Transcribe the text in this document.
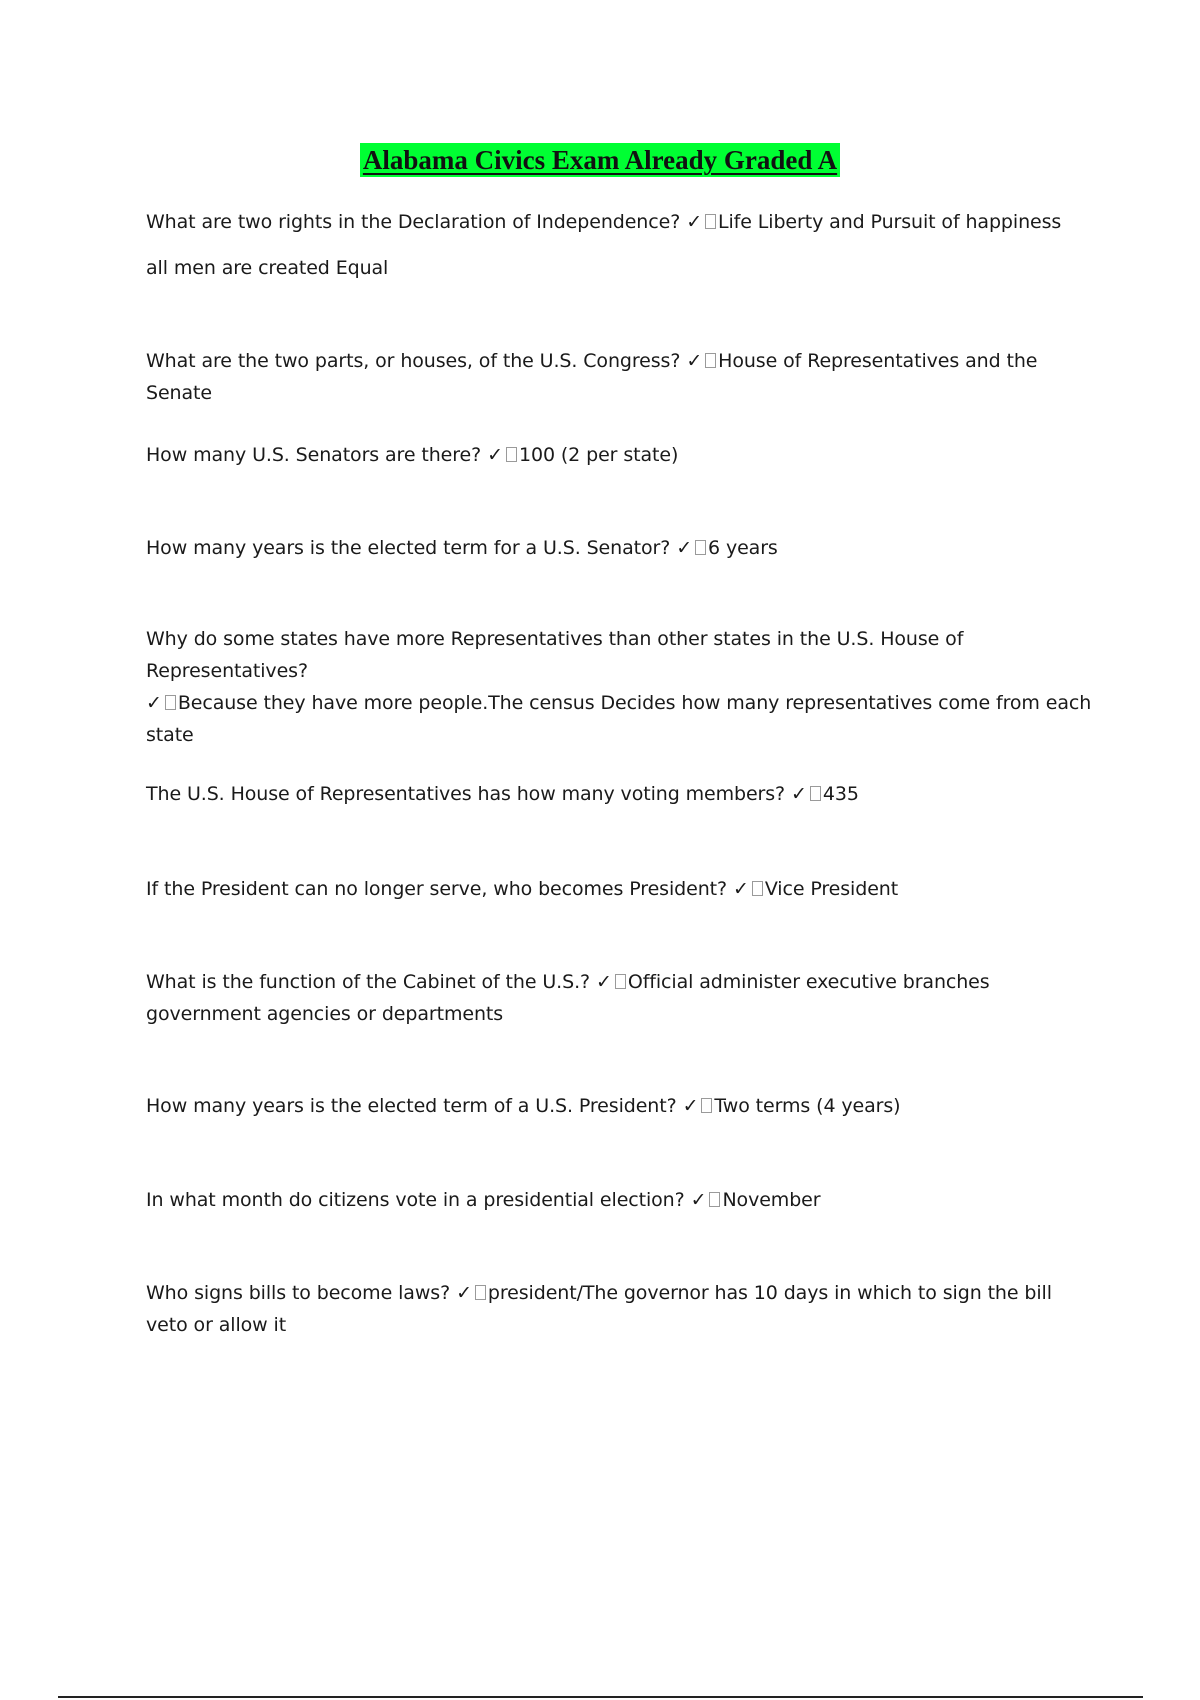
Alabama Civics Exam Already Graded A
What are two rights in the Declaration of Independence? ✓ Life Liberty and Pursuit of happiness
all men are created Equal
What are the two parts, or houses, of the U.S. Congress? ✓ House of Representatives and the Senate
How many U.S. Senators are there? ✓ 100 (2 per state)
How many years is the elected term for a U.S. Senator? ✓ 6 years
Why do some states have more Representatives than other states in the U.S. House of Representatives?
✓ Because they have more people.The census Decides how many representatives come from each state
The U.S. House of Representatives has how many voting members? ✓ 435
If the President can no longer serve, who becomes President? ✓ Vice President
What is the function of the Cabinet of the U.S.? ✓ Official administer executive branches government agencies or departments
How many years is the elected term of a U.S. President? ✓ Two terms (4 years)
In what month do citizens vote in a presidential election? ✓ November
Who signs bills to become laws? ✓ president/The governor has 10 days in which to sign the bill veto or allow it
